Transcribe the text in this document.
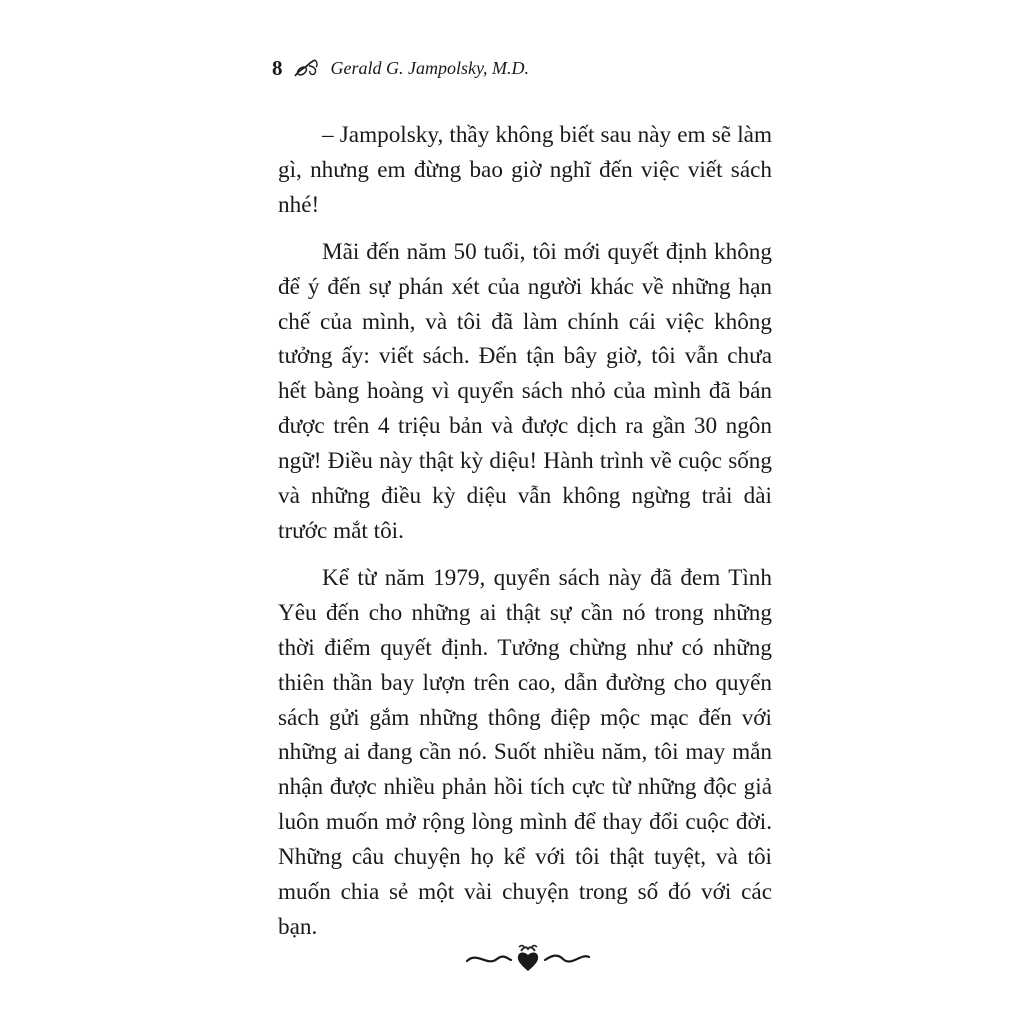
8	Gerald G. Jampolsky, M.D.

– Jampolsky, thầy không biết sau này em sẽ làm gì, nhưng em đừng bao giờ nghĩ đến việc viết sách nhé!

Mãi đến năm 50 tuổi, tôi mới quyết định không để ý đến sự phán xét của người khác về những hạn chế của mình, và tôi đã làm chính cái việc không tưởng ấy: viết sách. Đến tận bây giờ, tôi vẫn chưa hết bàng hoàng vì quyển sách nhỏ của mình đã bán được trên 4 triệu bản và được dịch ra gần 30 ngôn ngữ! Điều này thật kỳ diệu! Hành trình về cuộc sống và những điều kỳ diệu vẫn không ngừng trải dài trước mắt tôi.

Kể từ năm 1979, quyển sách này đã đem Tình Yêu đến cho những ai thật sự cần nó trong những thời điểm quyết định. Tưởng chừng như có những thiên thần bay lượn trên cao, dẫn đường cho quyển sách gửi gắm những thông điệp mộc mạc đến với những ai đang cần nó. Suốt nhiều năm, tôi may mắn nhận được nhiều phản hồi tích cực từ những độc giả luôn muốn mở rộng lòng mình để thay đổi cuộc đời. Những câu chuyện họ kể với tôi thật tuyệt, và tôi muốn chia sẻ một vài chuyện trong số đó với các bạn.
